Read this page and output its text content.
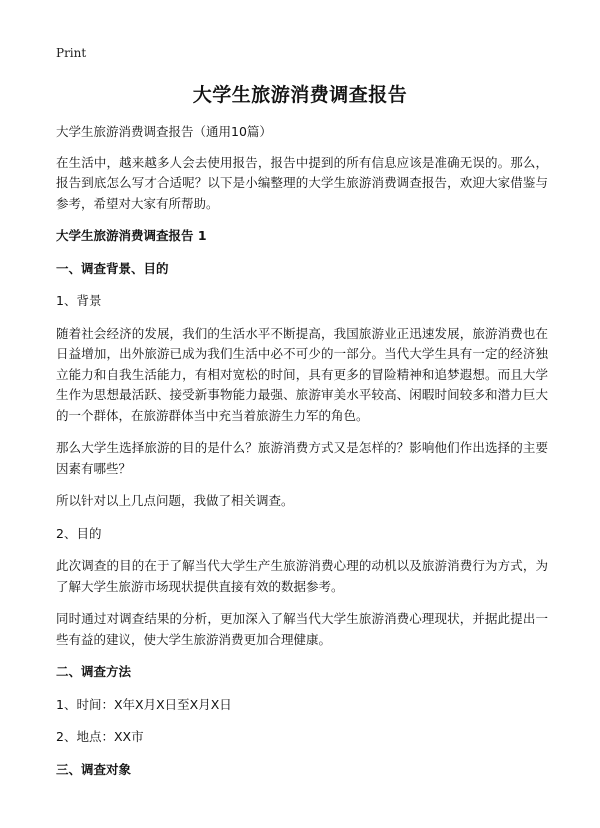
Print
大学生旅游消费调查报告

大学生旅游消费调查报告（通用10篇）

在生活中，越来越多人会去使用报告，报告中提到的所有信息应该是准确无误的。那么，报告到底怎么写才合适呢？以下是小编整理的大学生旅游消费调查报告，欢迎大家借鉴与参考，希望对大家有所帮助。

大学生旅游消费调查报告 1

一、调查背景、目的

1、背景

随着社会经济的发展，我们的生活水平不断提高，我国旅游业正迅速发展，旅游消费也在日益增加，出外旅游已成为我们生活中必不可少的一部分。当代大学生具有一定的经济独立能力和自我生活能力，有相对宽松的时间，具有更多的冒险精神和追梦遐想。而且大学生作为思想最活跃、接受新事物能力最强、旅游审美水平较高、闲暇时间较多和潜力巨大的一个群体，在旅游群体当中充当着旅游生力军的角色。

那么大学生选择旅游的目的是什么？旅游消费方式又是怎样的？影响他们作出选择的主要因素有哪些？

所以针对以上几点问题，我做了相关调查。

2、目的

此次调查的目的在于了解当代大学生产生旅游消费心理的动机以及旅游消费行为方式，为了解大学生旅游市场现状提供直接有效的数据参考。

同时通过对调查结果的分析，更加深入了解当代大学生旅游消费心理现状，并据此提出一些有益的建议，使大学生旅游消费更加合理健康。

二、调查方法

1、时间：X年X月X日至X月X日

2、地点：XX市

三、调查对象
